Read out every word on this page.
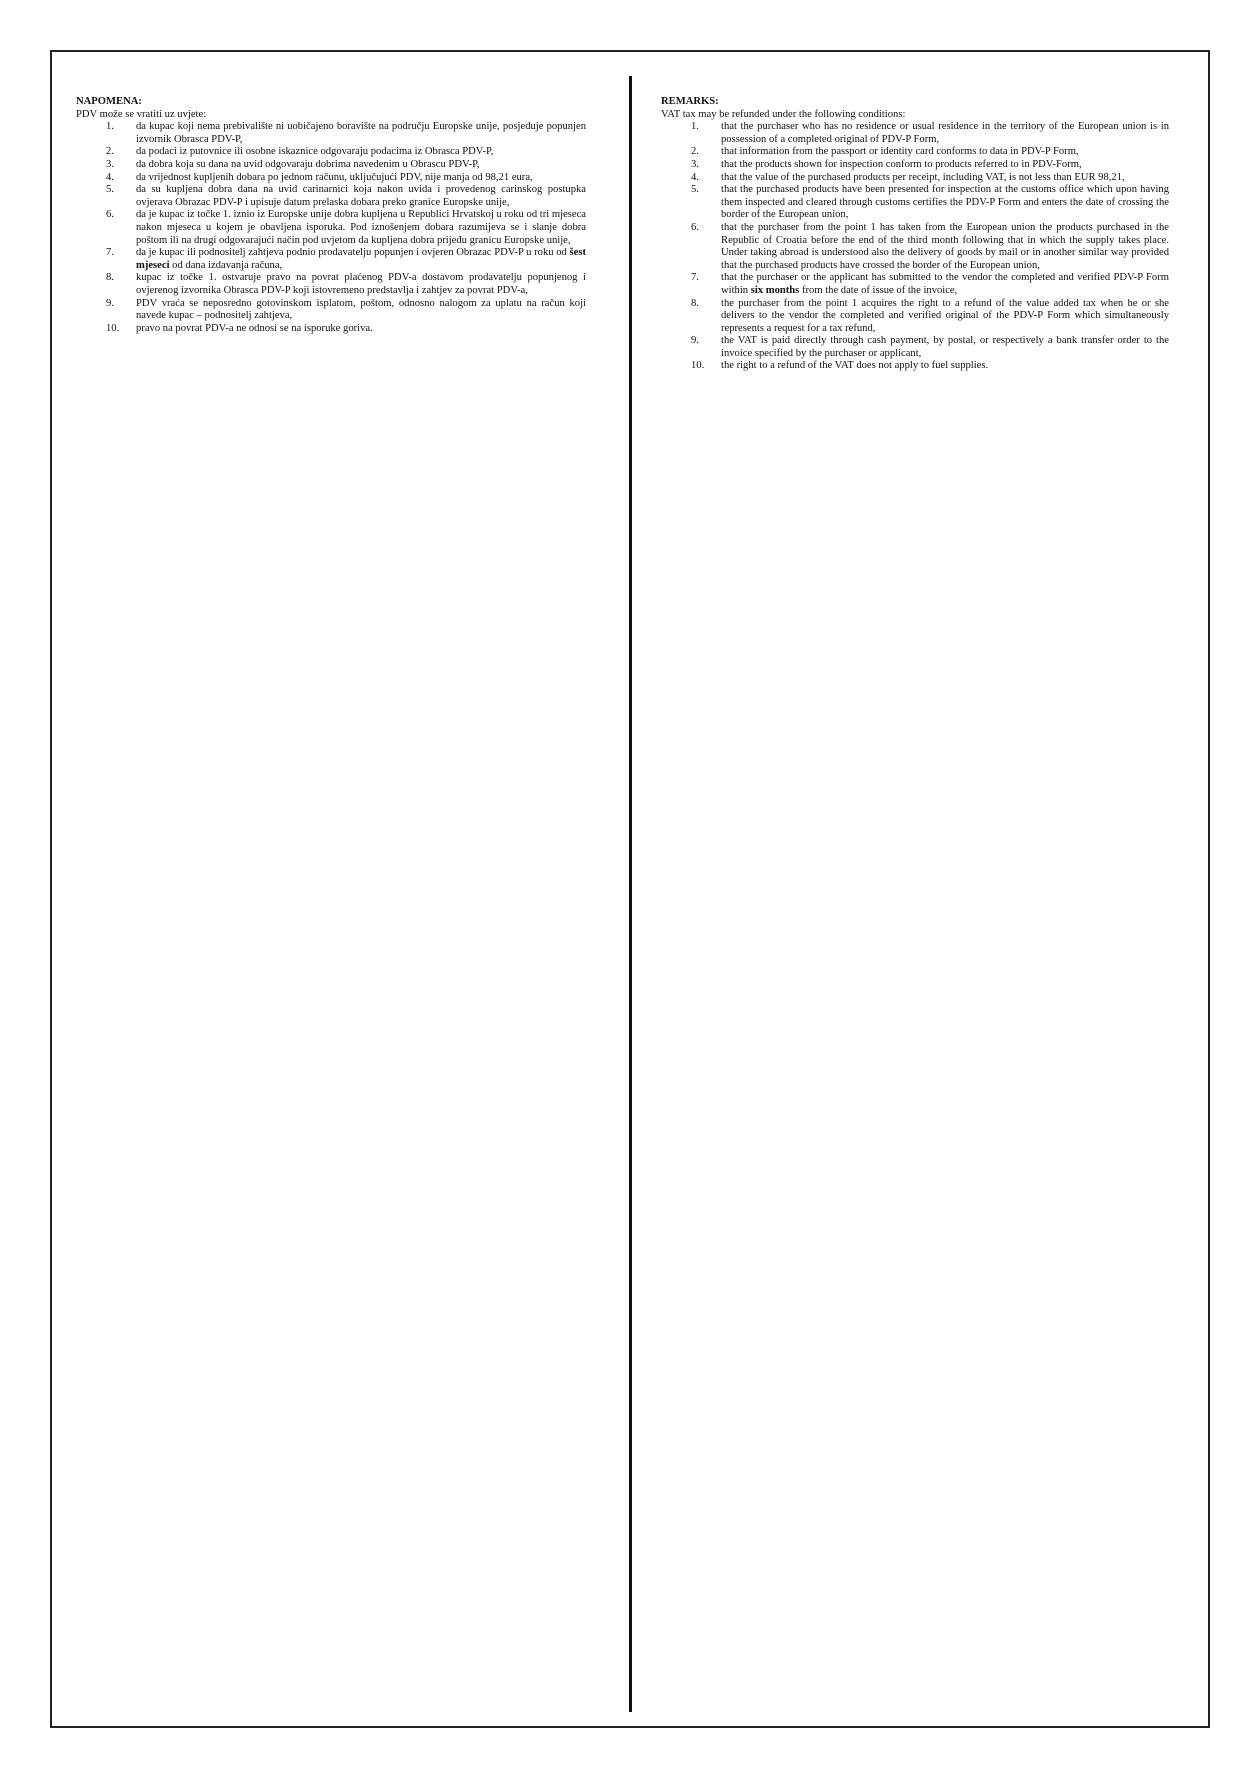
NAPOMENA:

PDV može se vratiti uz uvjete:

1.	da kupac koji nema prebivalište ni uobičajeno boravište na području Europske unije, posjeduje popunjen izvornik Obrasca PDV-P,
2.	da podaci iz putovnice ili osobne iskaznice odgovaraju podacima iz Obrasca PDV-P,
3.	da dobra koja su dana na uvid odgovaraju dobrima navedenim u Obrascu PDV-P,
4.	da vrijednost kupljenih dobara po jednom računu, uključujući PDV, nije manja od 98,21 eura,
5.	da su kupljena dobra dana na uvid carinarnici koja nakon uvida i provedenog carinskog postupka ovjerava Obrazac PDV-P i upisuje datum prelaska dobara preko granice Europske unije,
6.	da je kupac iz točke 1. iznio iz Europske unije dobra kupljena u Republici Hrvatskoj u roku od tri mjeseca nakon mjeseca u kojem je obavljena isporuka. Pod iznošenjem dobara razumijeva se i slanje dobra poštom ili na drugi odgovarajući način pod uvjetom da kupljena dobra prijeđu granicu Europske unije,
7.	da je kupac ili podnositelj zahtjeva podnio prodavatelju popunjen i ovjeren Obrazac PDV-P u roku od šest mjeseci od dana izdavanja računa,
8.	kupac iz točke 1. ostvaruje pravo na povrat plaćenog PDV-a dostavom prodavatelju popunjenog i ovjerenog izvornika Obrasca PDV-P koji istovremeno predstavlja i zahtjev za povrat PDV-a,
9.	PDV vraća se neposredno gotovinskom isplatom, poštom, odnosno nalogom za uplatu na račun koji navede kupac – podnositelj zahtjeva,
10.	pravo na povrat PDV-a ne odnosi se na isporuke goriva.

REMARKS:

VAT tax may be refunded under the following conditions:

1.	that the purchaser who has no residence or usual residence in the territory of the European union is in possession of a completed original of PDV-P Form,
2.	that information from the passport or identity card conforms to data in PDV-P Form,
3.	that the products shown for inspection conform to products referred to in PDV-Form,
4.	that the value of the purchased products per receipt, including VAT, is not less than EUR 98,21,
5.	that the purchased products have been presented for inspection at the customs office which upon having them inspected and cleared through customs certifies the PDV-P Form and enters the date of crossing the border of the European union,
6.	that the purchaser from the point 1 has taken from the European union the products purchased in the Republic of Croatia before the end of the third month following that in which the supply takes place. Under taking abroad is understood also the delivery of goods by mail or in another similar way provided that the purchased products have crossed the border of the European union,
7.	that the purchaser or the applicant has submitted to the vendor the completed and verified PDV-P Form within six months from the date of issue of the invoice,
8.	the purchaser from the point 1 acquires the right to a refund of the value added tax when he or she delivers to the vendor the completed and verified original of the PDV-P Form which simultaneously represents a request for a tax refund,
9.	the VAT is paid directly through cash payment, by postal, or respectively a bank transfer order to the invoice specified by the purchaser or applicant,
10.	the right to a refund of the VAT does not apply to fuel supplies.
